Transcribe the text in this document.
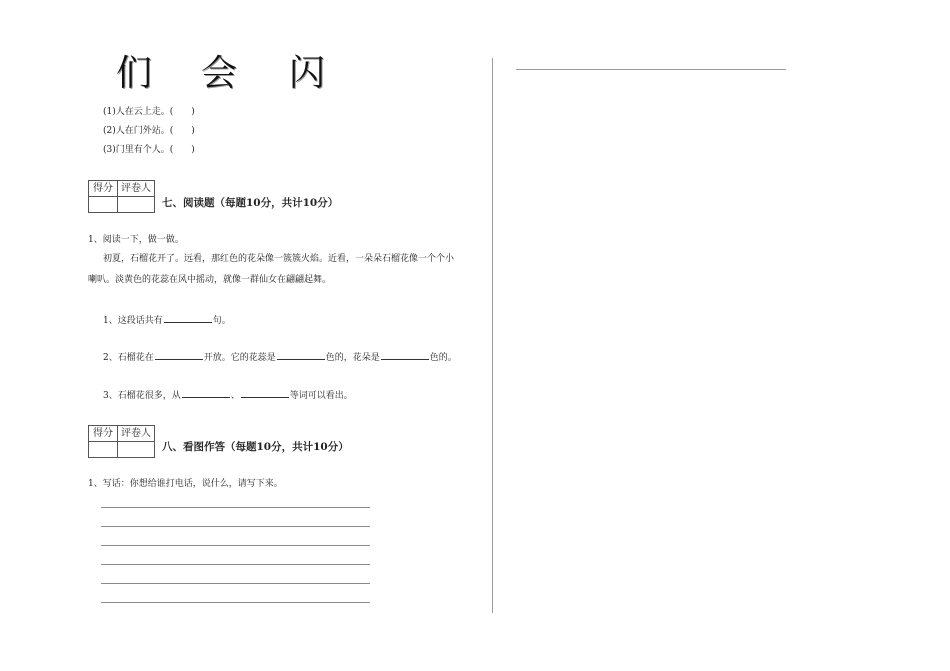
们 会 闪
(1)人在云上走。(　　)
(2)人在门外站。(　　)
(3)门里有个人。(　　)
得分	评卷人

七、阅读题（每题10分，共计10分）
1、阅读一下，做一做。
初夏，石榴花开了。远看，那红色的花朵像一簇簇火焰。近看，一朵朵石榴花像一个个小
喇叭。淡黄色的花蕊在风中摇动，就像一群仙女在翩翩起舞。
1、这段话共有	句。
2、石榴花在	开放。它的花蕊是	色的，花朵是	色的。
3、石榴花很多，从	、	等词可以看出。
得分	评卷人

八、看图作答（每题10分，共计10分）
1、写话：你想给谁打电话，说什么，请写下来。
